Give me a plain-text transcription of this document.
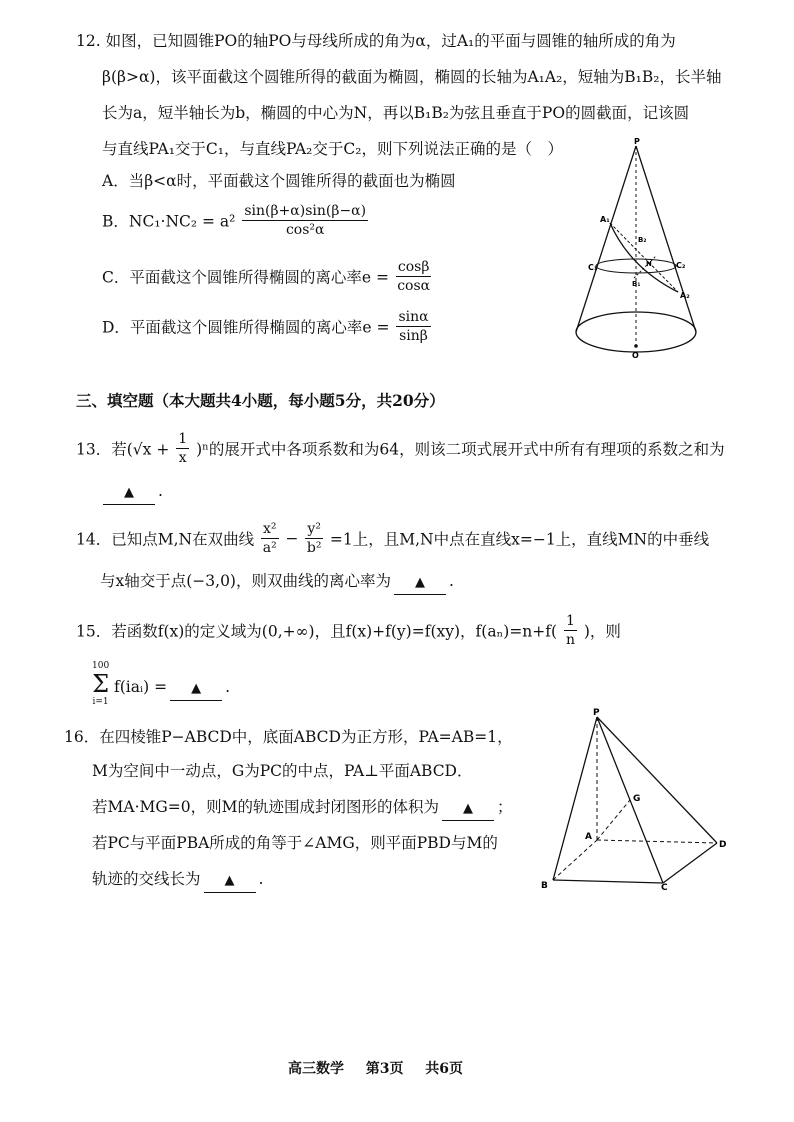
12. 如图，已知圆锥PO的轴PO与母线所成的角为α，过A₁的平面与圆锥的轴所成的角为
β(β>α)，该平面截这个圆锥所得的截面为椭圆，椭圆的长轴为A₁A₂，短轴为B₁B₂，长半轴
长为a，短半轴长为b，椭圆的中心为N，再以B₁B₂为弦且垂直于PO的圆截面，记该圆
与直线PA₁交于C₁，与直线PA₂交于C₂，则下列说法正确的是（　）
A．当β<α时，平面截这个圆锥所得的截面也为椭圆
B．$NC_1\cdot NC_2 = a^2 \frac{\sin(\beta+\alpha)\sin(\beta-\alpha)}{\text{cos²α}}$
C．平面截这个圆锥所得椭圆的离心率$e = \frac{\cos\beta}{\cos\alpha}$
D．平面截这个圆锥所得椭圆的离心率$e = \frac{\sin\alpha}{\sin\beta}$
P
A₁
A₂
B₁
B₂
C₁	C₂
N
O
三、填空题（本大题共4小题，每小题5分，共20分）
13．若$(√x + \frac{1}{x} )^n$的展开式中各项系数和为64，则该二项式展开式中所有有理项的系数之和为
▲ .
14．已知点M,N在双曲线 $\frac{\text{x²}}{\text{a²}} - \frac{\text{y²}}{\text{b²}} =1$上，且M,N中点在直线x=−1上，直线MN的中垂线
与x轴交于点(−3,0)，则双曲线的离心率为 ▲ .
15．若函数f(x)的定义域为(0,+∞)，且f(x)+f(y)=f(xy)，$f(a_n)=n+f( \frac{1}{n}$ )，则
100
Σ
i=1
f(iaᵢ) = ▲ .
16．在四棱锥P−ABCD中，底面ABCD为正方形，PA=AB=1，
M为空间中一动点，G为PC的中点，PA⊥平面ABCD．
若MA·MG=0，则M的轨迹围成封闭图形的体积为 ▲ ；
若PC与平面PBA所成的角等于∠AMG，则平面PBD与M的
轨迹的交线长为 ▲ .
P
A
B	C
D
G
高三数学 第3页 共6页
